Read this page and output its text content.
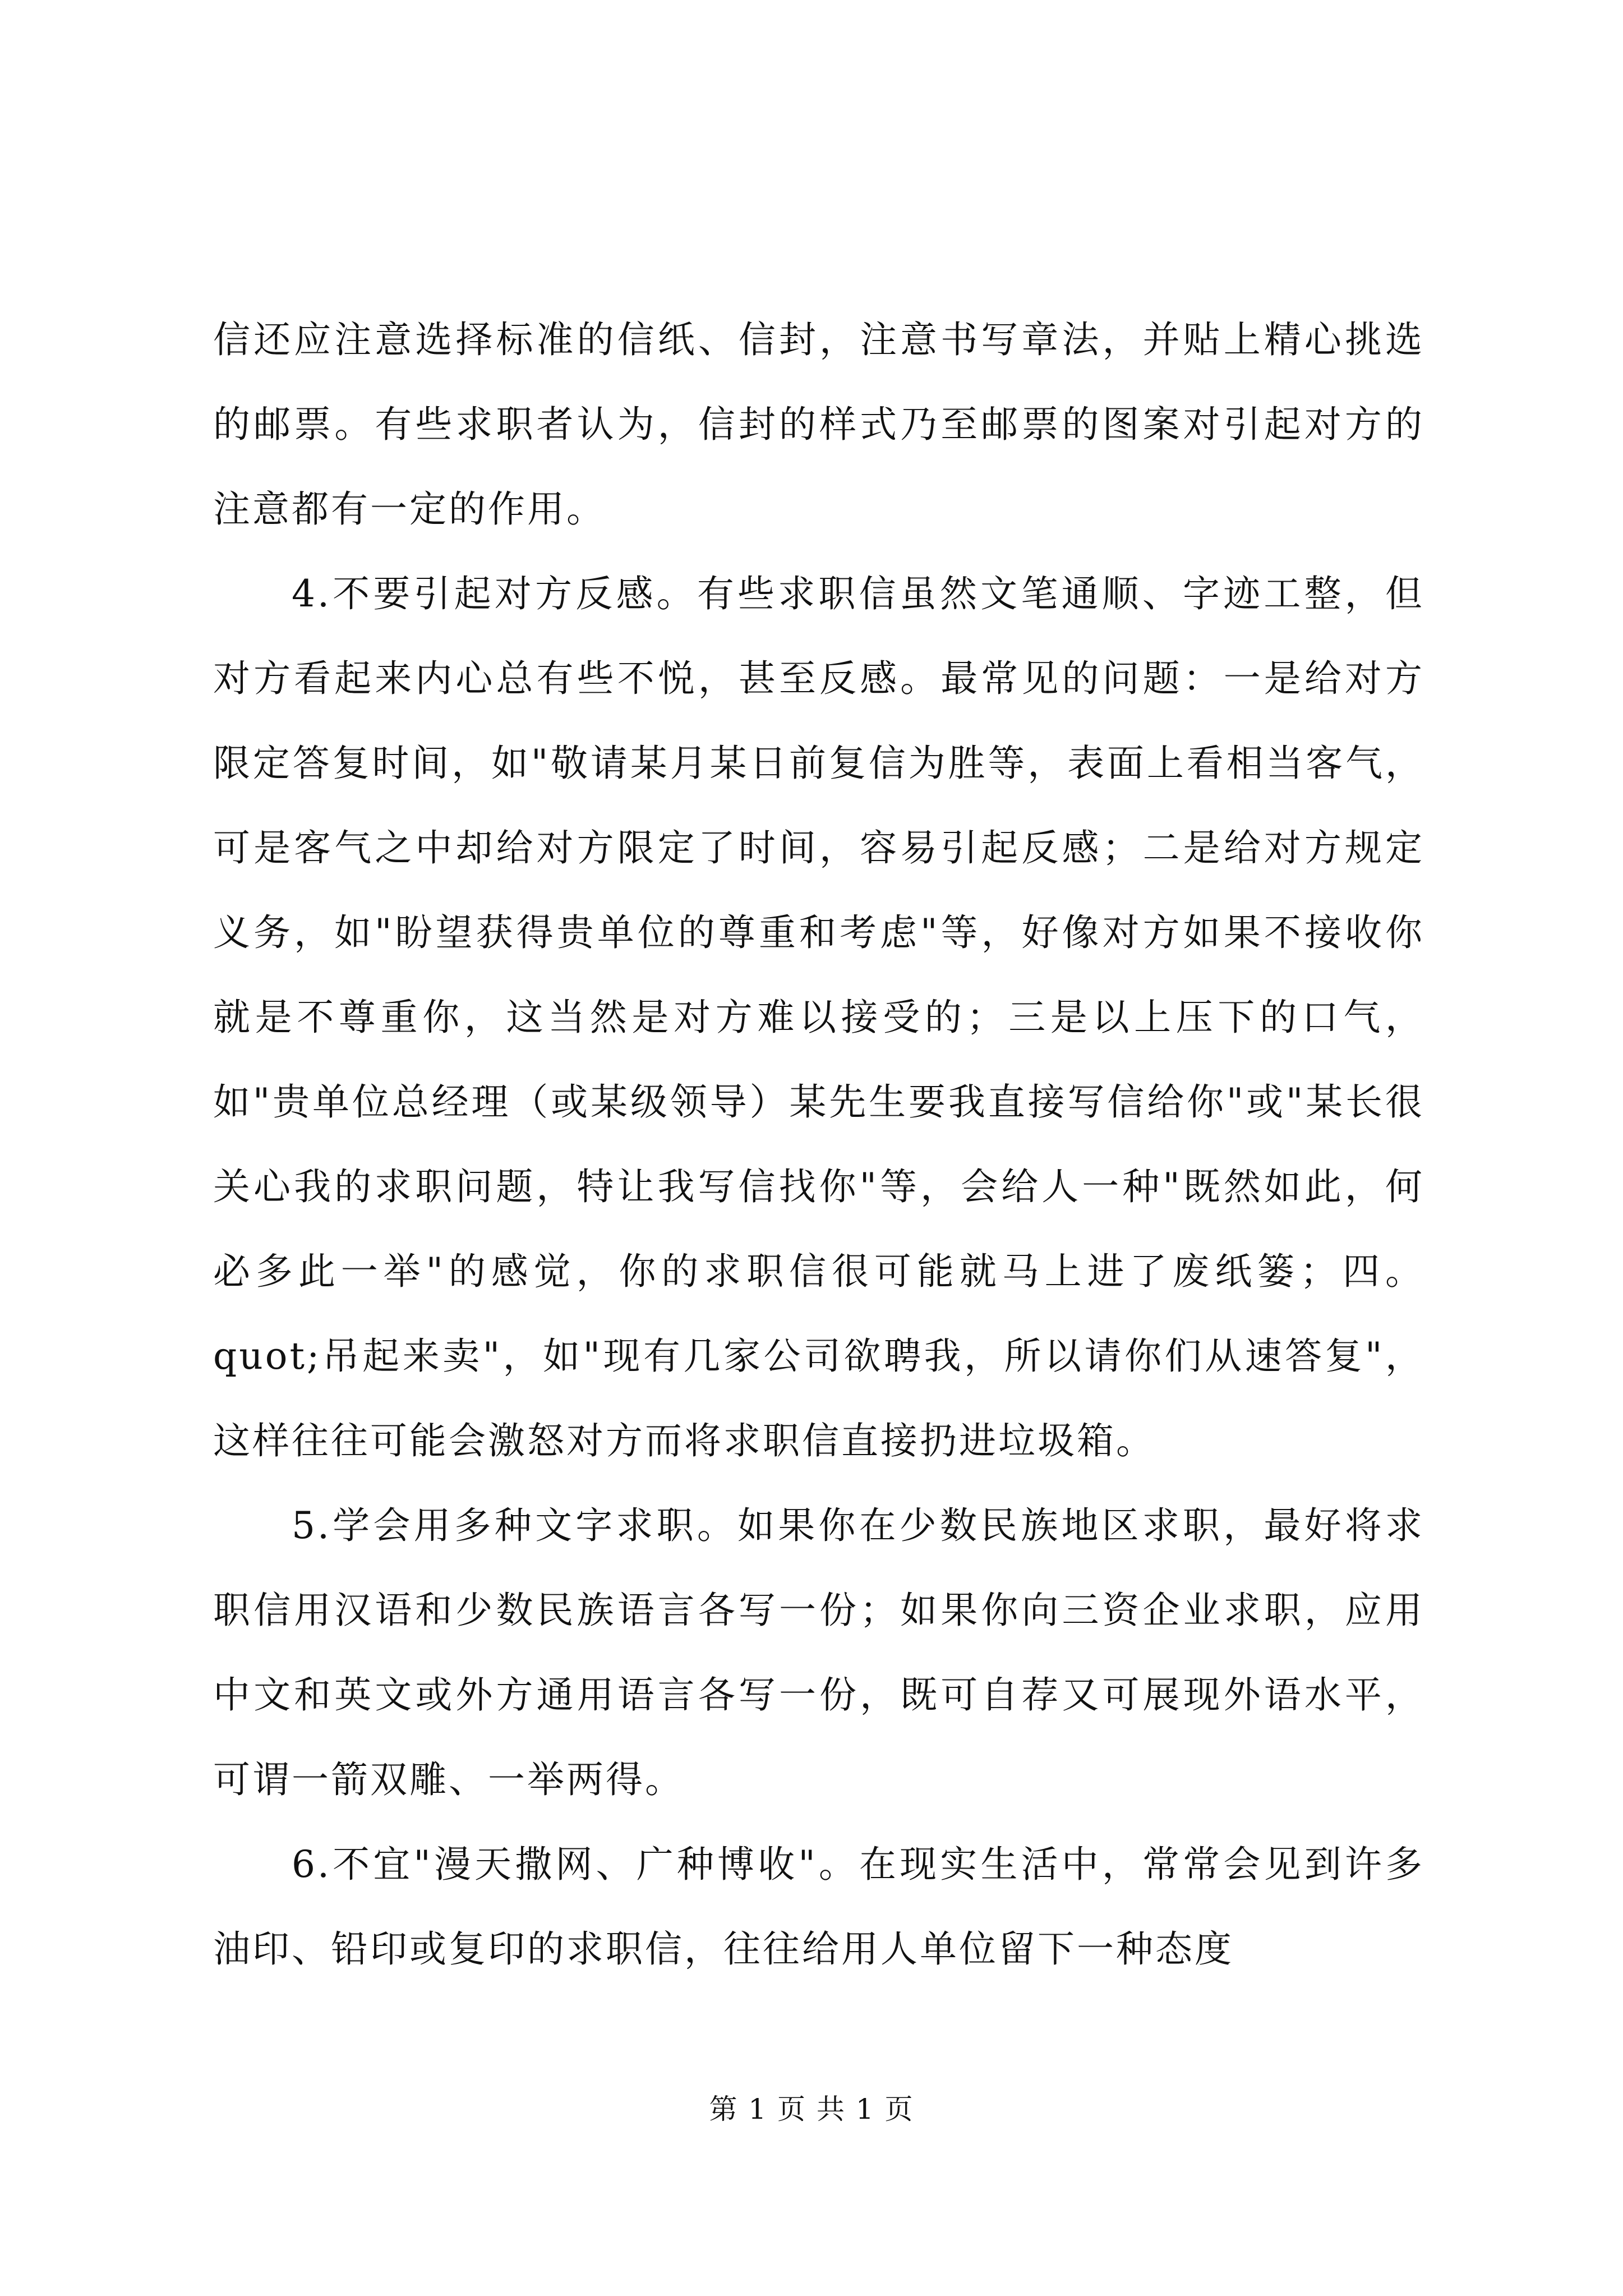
信还应注意选择标准的信纸、信封，注意书写章法，并贴上精心挑选的邮票。有些求职者认为，信封的样式乃至邮票的图案对引起对方的注意都有一定的作用。

4.不要引起对方反感。有些求职信虽然文笔通顺、字迹工整，但对方看起来内心总有些不悦，甚至反感。最常见的问题：一是给对方限定答复时间，如"敬请某月某日前复信为胜等，表面上看相当客气，可是客气之中却给对方限定了时间，容易引起反感；二是给对方规定义务，如"盼望获得贵单位的尊重和考虑"等，好像对方如果不接收你就是不尊重你，这当然是对方难以接受的；三是以上压下的口气，如"贵单位总经理（或某级领导）某先生要我直接写信给你"或"某长很关心我的求职问题，特让我写信找你"等，会给人一种"既然如此，何必多此一举"的感觉，你的求职信很可能就马上进了废纸篓；四。quot;吊起来卖"，如"现有几家公司欲聘我，所以请你们从速答复"，这样往往可能会激怒对方而将求职信直接扔进垃圾箱。

5.学会用多种文字求职。如果你在少数民族地区求职，最好将求职信用汉语和少数民族语言各写一份；如果你向三资企业求职，应用中文和英文或外方通用语言各写一份，既可自荐又可展现外语水平，可谓一箭双雕、一举两得。

6.不宜"漫天撒网、广种博收"。在现实生活中，常常会见到许多油印、铅印或复印的求职信，往往给用人单位留下一种态度

第 1 页 共 1 页
